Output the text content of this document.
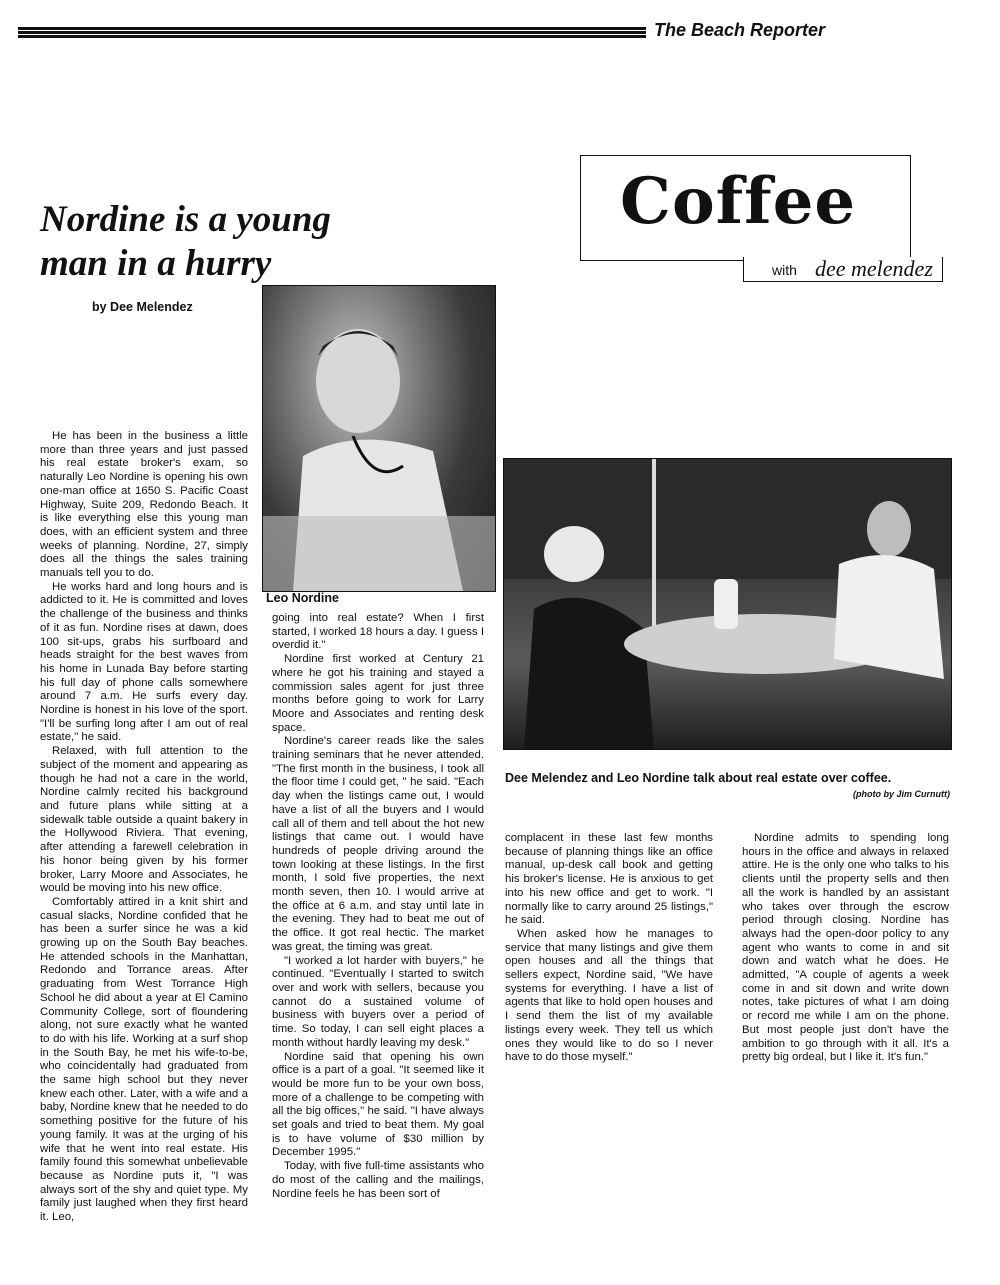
The Beach Reporter
Nordine is a young
man in a hurry
by Dee Melendez
Coffee
with dee melendez
Leo Nordine
Dee Melendez and Leo Nordine talk about real estate over coffee.
(photo by Jim Curnutt)

He has been in the business a little more than three years and just passed his real estate broker's exam, so naturally Leo Nordine is opening his own one-man office at 1650 S. Pacific Coast Highway, Suite 209, Redondo Beach. It is like everything else this young man does, with an efficient system and three weeks of planning. Nordine, 27, simply does all the things the sales training manuals tell you to do.

He works hard and long hours and is addicted to it. He is committed and loves the challenge of the business and thinks of it as fun. Nordine rises at dawn, does 100 sit-ups, grabs his surfboard and heads straight for the best waves from his home in Lunada Bay before starting his full day of phone calls somewhere around 7 a.m. He surfs every day. Nordine is honest in his love of the sport. "I'll be surfing long after I am out of real estate," he said.

Relaxed, with full attention to the subject of the moment and appearing as though he had not a care in the world, Nordine calmly recited his background and future plans while sitting at a sidewalk table outside a quaint bakery in the Hollywood Riviera. That evening, after attending a farewell celebration in his honor being given by his former broker, Larry Moore and Associates, he would be moving into his new office.

Comfortably attired in a knit shirt and casual slacks, Nordine confided that he has been a surfer since he was a kid growing up on the South Bay beaches. He attended schools in the Manhattan, Redondo and Torrance areas. After graduating from West Torrance High School he did about a year at El Camino Community College, sort of floundering along, not sure exactly what he wanted to do with his life. Working at a surf shop in the South Bay, he met his wife-to-be, who coincidentally had graduated from the same high school but they never knew each other. Later, with a wife and a baby, Nordine knew that he needed to do something positive for the future of his young family. It was at the urging of his wife that he went into real estate. His family found this somewhat unbelievable because as Nordine puts it, "I was always sort of the shy and quiet type. My family just laughed when they first heard it. Leo,

going into real estate? When I first started, I worked 18 hours a day. I guess I overdid it."

Nordine first worked at Century 21 where he got his training and stayed a commission sales agent for just three months before going to work for Larry Moore and Associates and renting desk space.

Nordine's career reads like the sales training seminars that he never attended. "The first month in the business, I took all the floor time I could get, " he said. "Each day when the listings came out, I would have a list of all the buyers and I would call all of them and tell about the hot new listings that came out. I would have hundreds of people driving around the town looking at these listings. In the first month, I sold five properties, the next month seven, then 10. I would arrive at the office at 6 a.m. and stay until late in the evening. They had to beat me out of the office. It got real hectic. The market was great, the timing was great.

"I worked a lot harder with buyers," he continued. "Eventually I started to switch over and work with sellers, because you cannot do a sustained volume of business with buyers over a period of time. So today, I can sell eight places a month without hardly leaving my desk."

Nordine said that opening his own office is a part of a goal. "It seemed like it would be more fun to be your own boss, more of a challenge to be competing with all the big offices," he said. "I have always set goals and tried to beat them. My goal is to have volume of $30 million by December 1995."

Today, with five full-time assistants who do most of the calling and the mailings, Nordine feels he has been sort of

complacent in these last few months because of planning things like an office manual, up-desk call book and getting his broker's license. He is anxious to get into his new office and get to work. "I normally like to carry around 25 listings," he said.

When asked how he manages to service that many listings and give them open houses and all the things that sellers expect, Nordine said, "We have systems for everything. I have a list of agents that like to hold open houses and I send them the list of my available listings every week. They tell us which ones they would like to do so I never have to do those myself."

Nordine admits to spending long hours in the office and always in relaxed attire. He is the only one who talks to his clients until the property sells and then all the work is handled by an assistant who takes over through the escrow period through closing. Nordine has always had the open-door policy to any agent who wants to come in and sit down and watch what he does. He admitted, "A couple of agents a week come in and sit down and write down notes, take pictures of what I am doing or record me while I am on the phone. But most people just don't have the ambition to go through with it all. It's a pretty big ordeal, but I like it. It's fun."
